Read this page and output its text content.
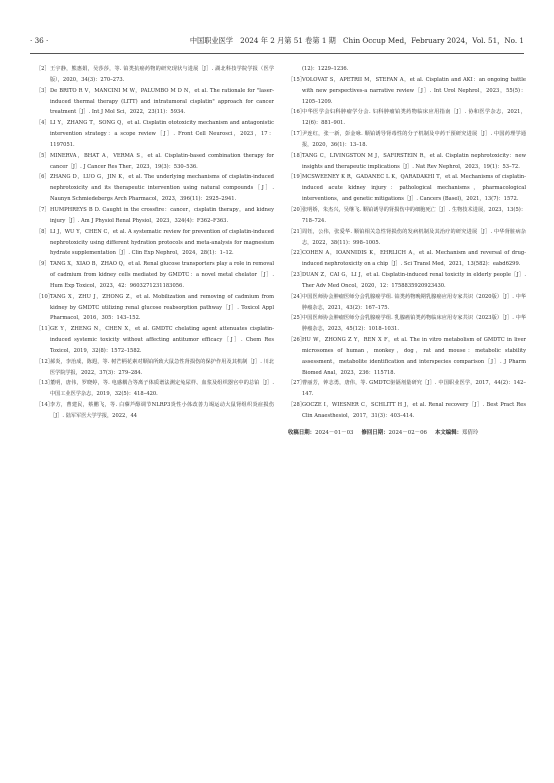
· 36 ·	中国职业医学　2024 年 2 月第 51 卷第 1 期　Chin Occup Med，February 2024，Vol. 51，No. 1
［2］ 王宇静，熊惠娟，吴莎莎，等. 铂类抗癌药物的研究现状与进展［J］. 湖北科技学院学报（医学版），2020，34(3)：270–273.
［3］ De BRITO R V，MANCINI M W，PALUMBO M D N，et al. The rationale for "laser-induced thermal therapy (LITT) and intratumoral cisplatin" approach for cancer treatment［J］. Int J Mol Sci，2022，23(11)：5934.
［4］ LI Y，ZHANG T，SONG Q，et al. Cisplatin ototoxicity mechanism and antagonistic intervention strategy：a scope review［J］. Front Cell Neurosci，2023，17：1197051.
［5］ MINERVA，BHAT A，VERMA S，et al. Cisplatin-based combination therapy for cancer［J］. J Cancer Res Ther，2023，19(3)：530–536.
［6］ ZHANG D，LUO G，JIN K，et al. The underlying mechanisms of cisplatin-induced nephrotoxicity and its therapeutic intervention using natural compounds［J］. Naunyn Schmiedebergs Arch Pharmacol，2023，396(11)：2925–2941.
［7］ HUMPHREYS B D. Caught in the crossfire：cancer，cisplatin therapy，and kidney injury［J］. Am J Physiol Renal Physiol，2023，324(4)：F362–F363.
［8］ LI J，WU Y，CHEN C，et al. A systematic review for prevention of cisplatin-induced nephrotoxicity using different hydration protocols and meta-analysis for magnesium hydrate supplementation［J］. Clin Exp Nephrol，2024，28(1)：1–12.
［9］ TANG X，XIAO B，ZHAO Q，et al. Renal glucose transporters play a role in removal of cadmium from kidney cells mediated by GMDTC：a novel metal chelator［J］. Hum Exp Toxicol，2023，42：9603271231183056.
［10］
TANG X，ZHU J，ZHONG Z，et al. Mobilization and removing of cadmium from kidney by GMDTC utilizing renal glucose reabsorption pathway［J］. Toxicol Appl Pharmacol，2016，305：143–152.
［11］
GE Y，ZHENG N，CHEN X，et al. GMDTC chelating agent attenuates cisplatin-induced systemic toxicity without affecting antitumor efficacy［J］. Chem Res Toxicol，2019，32(8)：1572–1582.
［12］
郝炎，李治成，陈遐，等. 树芒柄花素对顺铂所致大鼠急性肾损伤的保护作用及其机制［J］. 川北医学院学报，2022，37(3)：279–284.
［13］
董明，唐伟，罗晓婷，等. 电感耦合等离子体质谱法测定兔尿样、血浆及组织器官中的总铂［J］. 中国工业医学杂志，2019，32(5)：418–420.
［14］
李方，曹建民，蔡鹏飞，等. 白藜芦醇调节NLRP3炎性小体改善力竭运动大鼠肾组织炎症损伤［J］. 陆军军医大学学报，2022，44
(12)：1229–1236.
［15］
VOLOVAT S，APETRII M，STEFAN A，et al. Cisplatin and AKI：an ongoing battle with new perspectives-a narrative review［J］. Int Urol Nephrol，2023，55(5)：1205–1209.
［16］
中华医学会妇科肿瘤学分会. 妇科肿瘤铂类药物临床应用指南［J］. 协和医学杂志，2021，12(6)：881–901.
［17］
尹连红，张一新，彭金咏. 顺铂诱导肾毒性的分子机制及中药干预研究进展［J］. 中国药理学通报，2020，36(1)：13–18.
［18］
TANG C，LIVINGSTON M J，SAFIRSTEIN R，et al. Cisplatin nephrotoxicity：new insights and therapeutic implications［J］. Nat Rev Nephrol，2023，19(1)：53–72.
［19］
MCSWEENEY K R，GADANEC L K，QARADAKHI T，et al. Mechanisms of cisplatin-induced acute kidney injury：pathological mechanisms，pharmacological interventions，and genetic mitigations［J］. Cancers (Basel)，2021，13(7)：1572.
［20］
张明娇，朱杰兴，吴继飞. 顺铂诱导的肾损伤中的细胞死亡［J］. 生物技术进展，2023，13(5)：718–724.
［21］
周钰，公伟，张爱华. 顺铂相关急性肾损伤的发病机制及其治疗的研究进展［J］. 中华肾脏病杂志，2022，38(11)：998–1005.
［22］
COHEN A，IOANNIDIS K，EHRLICH A，et al. Mechanism and reversal of drug-induced nephrotoxicity on a chip［J］. Sci Transl Med，2021，13(582)：eabd6299.
［23］
DUAN Z，CAI G，LI J，et al. Cisplatin-induced renal toxicity in elderly people［J］. Ther Adv Med Oncol，2020，12：1758835920923430.
［24］
中国医师协会肿瘤医师分会乳腺癌学组. 铂类药物晚期乳腺癌应用专家共识（2020版）［J］. 中华肿瘤杂志，2021，43(2)：167–175.
［25］
中国医师协会肿瘤医师分会乳腺癌学组. 乳腺癌铂类药物临床应用专家共识（2023版）［J］. 中华肿瘤杂志，2023，45(12)：1018–1031.
［26］
HU W，ZHONG Z Y，REN X F，et al. The in vitro metabolism of GMDTC in liver microsomes of human，monkey，dog，rat and mouse：metabolic stability assessment，metabolite identification and interspecies comparison［J］. J Pharm Biomed Anal，2023，236：115718.
［27］
曹丽芳，钟志勇，唐伟，等. GMDTC驱镉剂量研究［J］. 中国职业医学，2017，44(2)：142–147.
［28］
GOCZE I，WIESNER C，SCHLITT H J，et al. Renal recovery［J］. Best Pract Res Clin Anaesthesiol，2017，31(3)：403–414.
收稿日期：2024－01－03 修回日期：2024－02－06 本文编辑：郑倩玲
